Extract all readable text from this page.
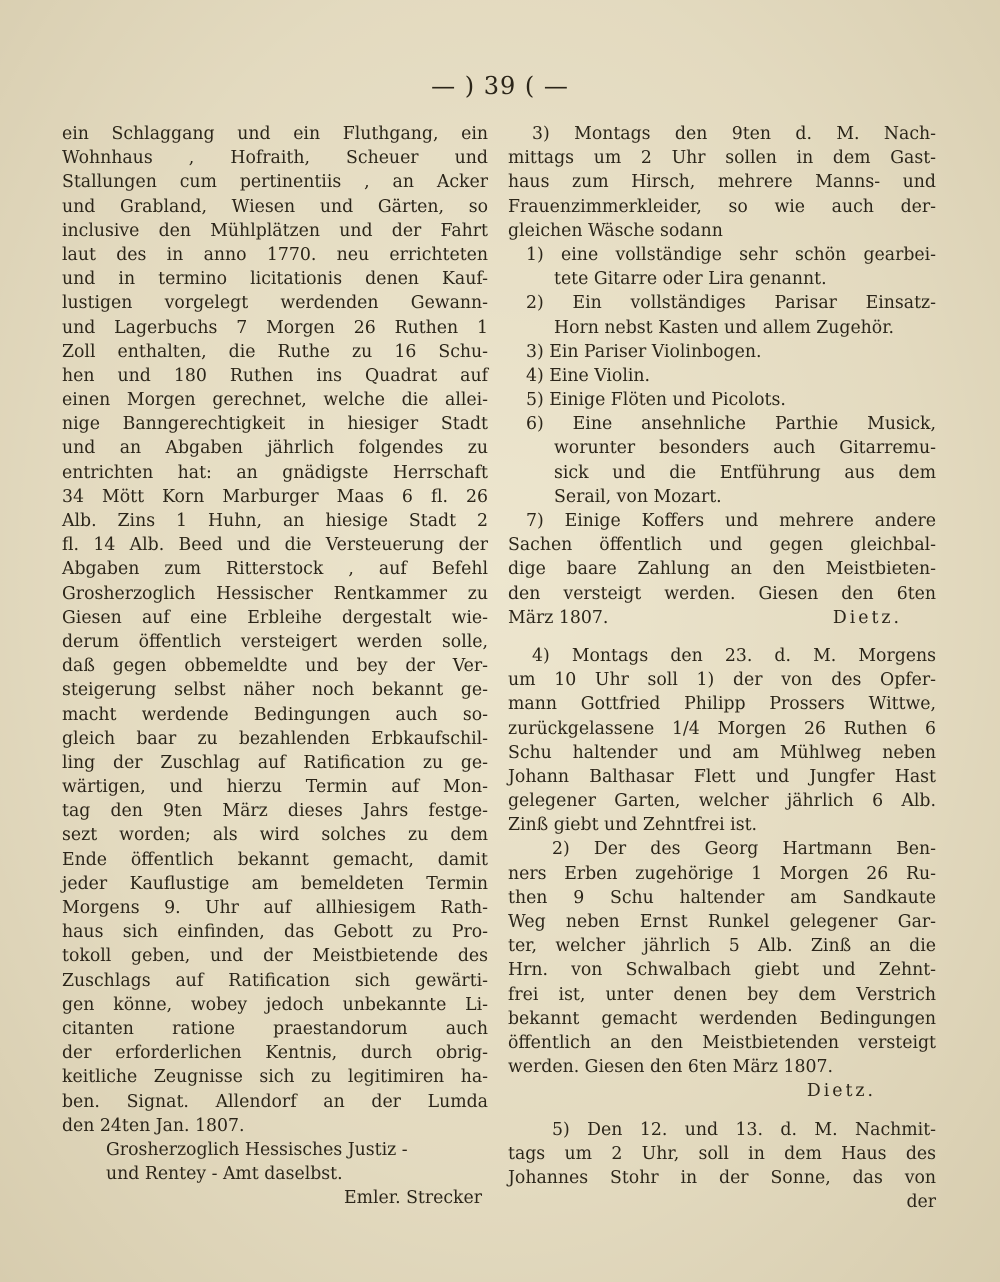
— ) 39 ( —
ein Schlaggang und ein Fluthgang, ein
Wohnhaus , Hofraith, Scheuer und
Stallungen cum pertinentiis , an Acker
und Grabland, Wiesen und Gärten, so
inclusive den Mühlplätzen und der Fahrt
laut des in anno 1770. neu errichteten
und in termino licitationis denen Kauf-
lustigen vorgelegt werdenden Gewann-
und Lagerbuchs 7 Morgen 26 Ruthen 1
Zoll enthalten, die Ruthe zu 16 Schu-
hen und 180 Ruthen ins Quadrat auf
einen Morgen gerechnet, welche die allei-
nige Banngerechtigkeit in hiesiger Stadt
und an Abgaben jährlich folgendes zu
entrichten hat: an gnädigste Herrschaft
34 Mött Korn Marburger Maas 6 fl. 26
Alb. Zins 1 Huhn, an hiesige Stadt 2
fl. 14 Alb. Beed und die Versteuerung der
Abgaben zum Ritterstock , auf Befehl
Grosherzoglich Hessischer Rentkammer zu
Giesen auf eine Erbleihe dergestalt wie-
derum öffentlich versteigert werden solle,
daß gegen obbemeldte und bey der Ver-
steigerung selbst näher noch bekannt ge-
macht werdende Bedingungen auch so-
gleich baar zu bezahlenden Erbkaufschil-
ling der Zuschlag auf Ratification zu ge-
wärtigen, und hierzu Termin auf Mon-
tag den 9ten März dieses Jahrs festge-
sezt worden; als wird solches zu dem
Ende öffentlich bekannt gemacht, damit
jeder Kauflustige am bemeldeten Termin
Morgens 9. Uhr auf allhiesigem Rath-
haus sich einfinden, das Gebott zu Pro-
tokoll geben, und der Meistbietende des
Zuschlags auf Ratification sich gewärti-
gen könne, wobey jedoch unbekannte Li-
citanten ratione praestandorum auch
der erforderlichen Kentnis, durch obrig-
keitliche Zeugnisse sich zu legitimiren ha-
ben. Signat. Allendorf an der Lumda
den 24ten Jan. 1807.
Grosherzoglich Hessisches Justiz -
und Rentey - Amt daselbst.
Emler. Strecker
3) Montags den 9ten d. M. Nach-
mittags um 2 Uhr sollen in dem Gast-
haus zum Hirsch, mehrere Manns- und
Frauenzimmerkleider, so wie auch der-
gleichen Wäsche sodann
1) eine vollständige sehr schön gearbei-
tete Gitarre oder Lira genannt.
2) Ein vollständiges Parisar Einsatz-
Horn nebst Kasten und allem Zugehör.
3) Ein Pariser Violinbogen.
4) Eine Violin.
5) Einige Flöten und Picolots.
6) Eine ansehnliche Parthie Musick,
worunter besonders auch Gitarremu-
sick und die Entführung aus dem
Serail, von Mozart.
7) Einige Koffers und mehrere andere
Sachen öffentlich und gegen gleichbal-
dige baare Zahlung an den Meistbieten-
den versteigt werden. Giesen den 6ten
März 1807.	Dietz.
4) Montags den 23. d. M. Morgens
um 10 Uhr soll 1) der von des Opfer-
mann Gottfried Philipp Prossers Wittwe,
zurückgelassene 1/4 Morgen 26 Ruthen 6
Schu haltender und am Mühlweg neben
Johann Balthasar Flett und Jungfer Hast
gelegener Garten, welcher jährlich 6 Alb.
Zinß giebt und Zehntfrei ist.
2) Der des Georg Hartmann Ben-
ners Erben zugehörige 1 Morgen 26 Ru-
then 9 Schu haltender am Sandkaute
Weg neben Ernst Runkel gelegener Gar-
ter, welcher jährlich 5 Alb. Zinß an die
Hrn. von Schwalbach giebt und Zehnt-
frei ist, unter denen bey dem Verstrich
bekannt gemacht werdenden Bedingungen
öffentlich an den Meistbietenden versteigt
werden. Giesen den 6ten März 1807.
Dietz.
5) Den 12. und 13. d. M. Nachmit-
tags um 2 Uhr, soll in dem Haus des
Johannes Stohr in der Sonne, das von
der
